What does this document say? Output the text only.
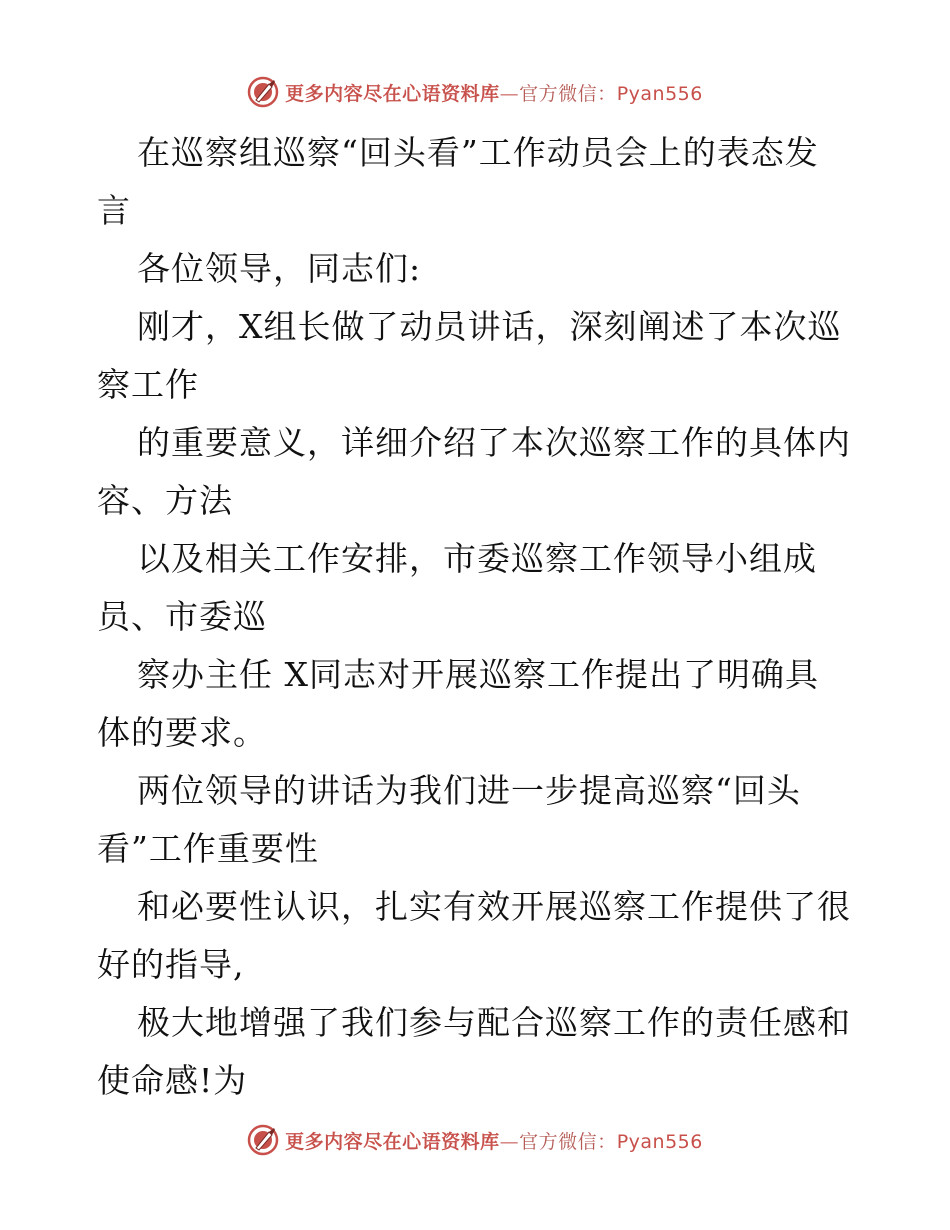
更多内容尽在心语资料库—官方微信：Pyan556
在巡察组巡察“回头看”工作动员会上的表态发
言
各位领导，同志们:
刚才，X组长做了动员讲话，深刻阐述了本次巡
察工作
的重要意义，详细介绍了本次巡察工作的具体内
容、方法
以及相关工作安排，市委巡察工作领导小组成
员、市委巡
察办主任 X同志对开展巡察工作提出了明确具
体的要求。
两位领导的讲话为我们进一步提高巡察“回头
看”工作重要性
和必要性认识，扎实有效开展巡察工作提供了很
好的指导,
极大地增强了我们参与配合巡察工作的责任感和
使命感!为
更多内容尽在心语资料库—官方微信：Pyan556
